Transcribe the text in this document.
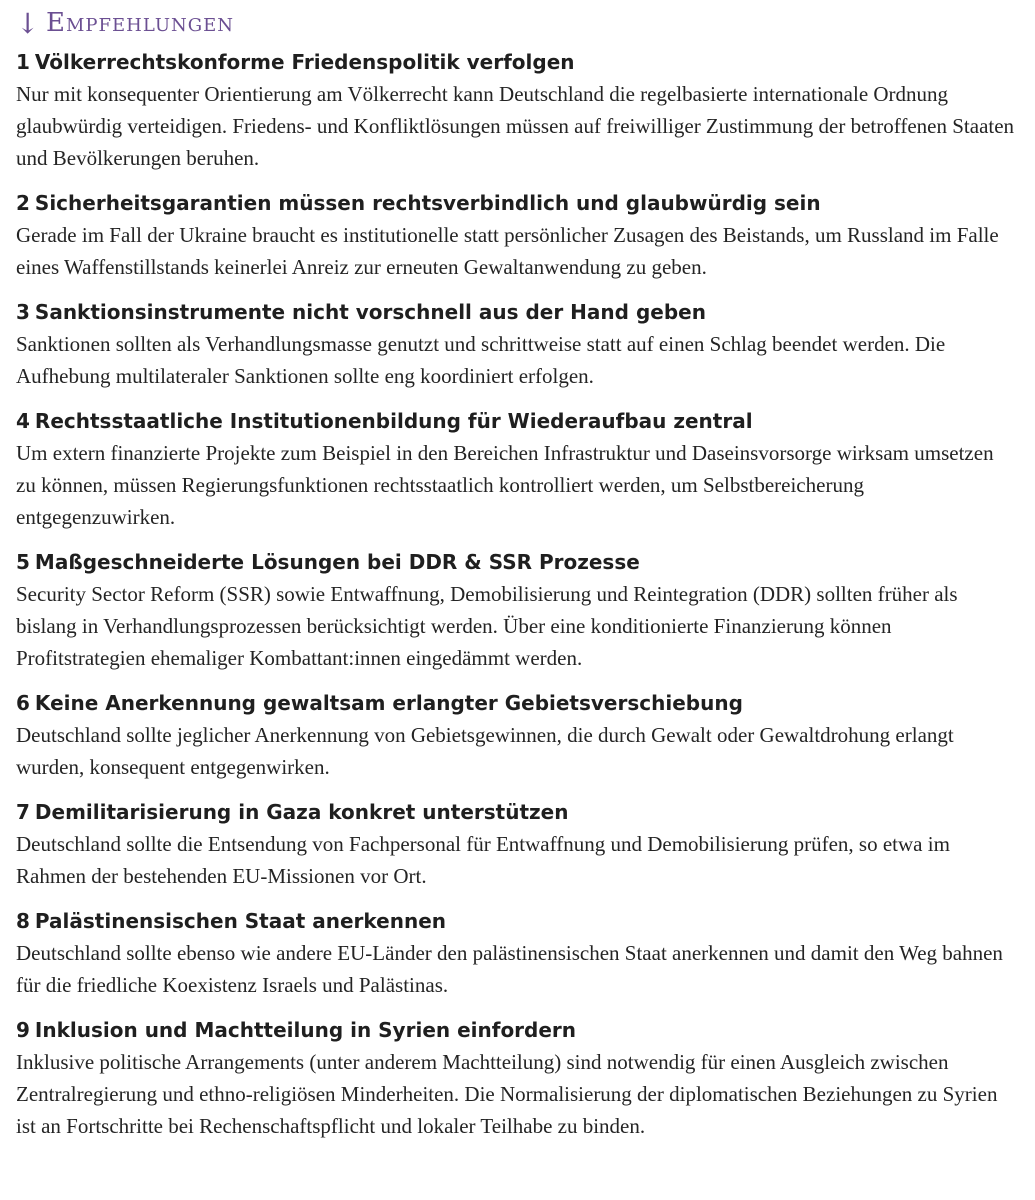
↓ Empfehlungen
1 Völkerrechtskonforme Friedenspolitik verfolgen

Nur mit konsequenter Orientierung am Völkerrecht kann Deutschland die regelbasierte internationale Ordnung glaubwürdig verteidigen. Friedens- und Konfliktlösungen müssen auf freiwilliger Zustimmung der betroffenen Staaten und Bevölkerungen beruhen.

2 Sicherheitsgarantien müssen rechtsverbindlich und glaubwürdig sein

Gerade im Fall der Ukraine braucht es institutionelle statt persönlicher Zusagen des Beistands, um Russland im Falle eines Waffenstillstands keinerlei Anreiz zur erneuten Gewaltanwendung zu geben.

3 Sanktionsinstrumente nicht vorschnell aus der Hand geben

Sanktionen sollten als Verhandlungsmasse genutzt und schrittweise statt auf einen Schlag beendet werden. Die Aufhebung multilateraler Sanktionen sollte eng koordiniert erfolgen.

4 Rechtsstaatliche Institutionenbildung für Wiederaufbau zentral

Um extern finanzierte Projekte zum Beispiel in den Bereichen Infrastruktur und Daseinsvorsorge wirksam umsetzen zu können, müssen Regierungsfunktionen rechtsstaatlich kontrolliert werden, um Selbstbereicherung entgegenzuwirken.

5 Maßgeschneiderte Lösungen bei DDR & SSR Prozesse

Security Sector Reform (SSR) sowie Entwaffnung, Demobilisierung und Reintegration (DDR) sollten früher als bislang in Verhandlungsprozessen berücksichtigt werden. Über eine konditionierte Finanzierung können Profitstrategien ehemaliger Kombattant:innen eingedämmt werden.

6 Keine Anerkennung gewaltsam erlangter Gebietsverschiebung

Deutschland sollte jeglicher Anerkennung von Gebietsgewinnen, die durch Gewalt oder Gewaltdrohung erlangt wurden, konsequent entgegenwirken.

7 Demilitarisierung in Gaza konkret unterstützen

Deutschland sollte die Entsendung von Fachpersonal für Entwaffnung und Demobilisierung prüfen, so etwa im Rahmen der bestehenden EU-Missionen vor Ort.

8 Palästinensischen Staat anerkennen

Deutschland sollte ebenso wie andere EU-Länder den palästinensischen Staat anerkennen und damit den Weg bahnen für die friedliche Koexistenz Israels und Palästinas.

9 Inklusion und Machtteilung in Syrien einfordern

Inklusive politische Arrangements (unter anderem Machtteilung) sind notwendig für einen Ausgleich zwischen Zentralregierung und ethno-religiösen Minderheiten. Die Normalisierung der diplomatischen Beziehungen zu Syrien ist an Fortschritte bei Rechenschaftspflicht und lokaler Teilhabe zu binden.
